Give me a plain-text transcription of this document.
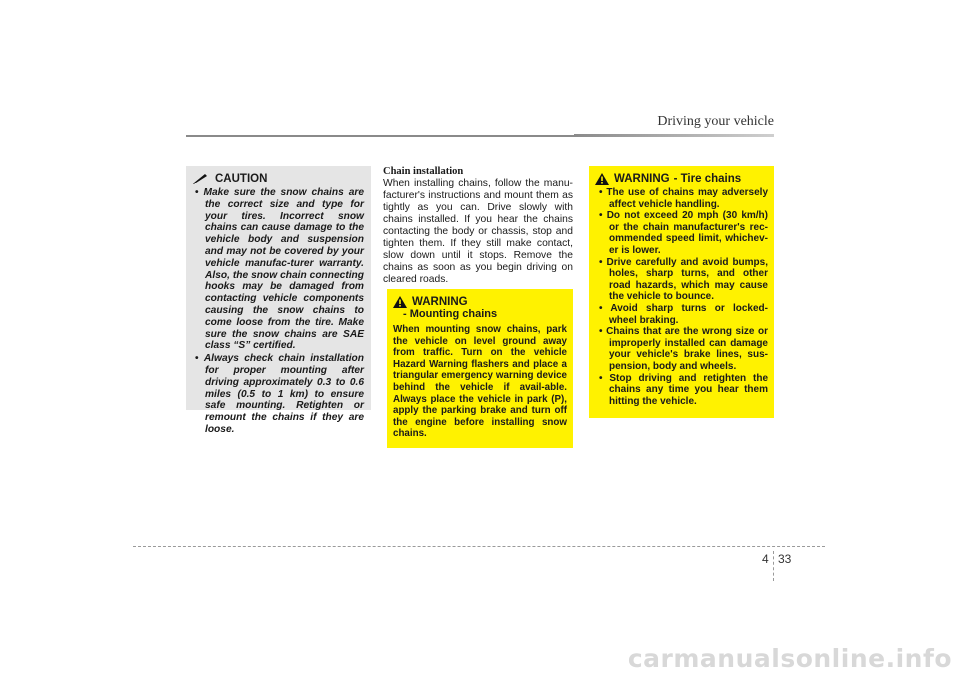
Driving your vehicle
CAUTION
• Make sure the snow chains are the correct size and type for your tires. Incorrect snow chains can cause damage to the vehicle body and suspension and may not be covered by your vehicle manufac-turer warranty. Also, the snow chain connecting hooks may be damaged from contacting vehicle components causing the snow chains to come loose from the tire. Make sure the snow chains are SAE class “S” certified.
• Always check chain installation for proper mounting after driving approximately 0.3 to 0.6 miles (0.5 to 1 km) to ensure safe mounting. Retighten or remount the chains if they are loose.
Chain installation

When installing chains, follow the manu-facturer's instructions and mount them as tightly as you can. Drive slowly with chains installed. If you hear the chains contacting the body or chassis, stop and tighten them. If they still make contact, slow down until it stops. Remove the chains as soon as you begin driving on cleared roads.

WARNING
- Mounting chains

When mounting snow chains, park the vehicle on level ground away from traffic. Turn on the vehicle Hazard Warning flashers and place a triangular emergency warning device behind the vehicle if avail-able. Always place the vehicle in park (P), apply the parking brake and turn off the engine before installing snow chains.

WARNING - Tire chains
• The use of chains may adversely affect vehicle handling.
• Do not exceed 20 mph (30 km/h) or the chain manufacturer's rec-ommended speed limit, whichev-er is lower.
• Drive carefully and avoid bumps, holes, sharp turns, and other road hazards, which may cause the vehicle to bounce.
• Avoid sharp turns or locked-wheel braking.
• Chains that are the wrong size or improperly installed can damage your vehicle's brake lines, sus-pension, body and wheels.
• Stop driving and retighten the chains any time you hear them hitting the vehicle.
4 33
carmanualsonline.info
